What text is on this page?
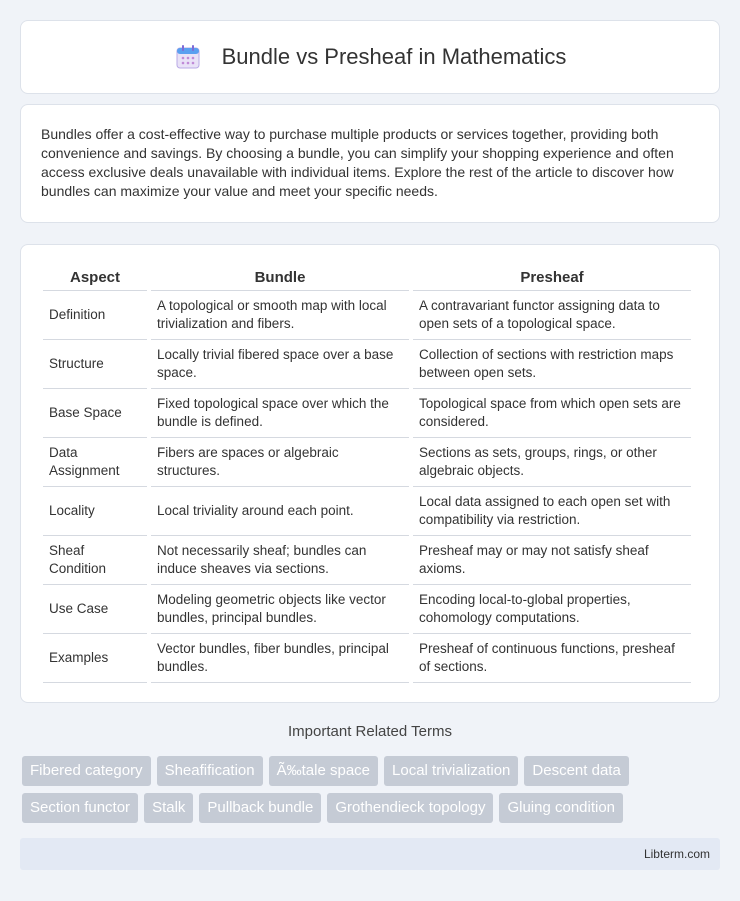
Bundle vs Presheaf in Mathematics

Bundles offer a cost-effective way to purchase multiple products or services together, providing both convenience and savings. By choosing a bundle, you can simplify your shopping experience and often access exclusive deals unavailable with individual items. Explore the rest of the article to discover how bundles can maximize your value and meet your specific needs.

Aspect	Bundle	Presheaf
Definition	A topological or smooth map with local trivialization and fibers.	A contravariant functor assigning data to open sets of a topological space.
Structure	Locally trivial fibered space over a base space.	Collection of sections with restriction maps between open sets.
Base Space	Fixed topological space over which the bundle is defined.	Topological space from which open sets are considered.
Data Assignment	Fibers are spaces or algebraic structures.	Sections as sets, groups, rings, or other algebraic objects.
Locality	Local triviality around each point.	Local data assigned to each open set with compatibility via restriction.
Sheaf Condition	Not necessarily sheaf; bundles can induce sheaves via sections.	Presheaf may or may not satisfy sheaf axioms.
Use Case	Modeling geometric objects like vector bundles, principal bundles.	Encoding local-to-global properties, cohomology computations.
Examples	Vector bundles, fiber bundles, principal bundles.	Presheaf of continuous functions, presheaf of sections.
Important Related Terms
Fibered category	Sheafification	Ã‰tale space	Local trivialization	Descent data
Section functor	Stalk	Pullback bundle	Grothendieck topology	Gluing condition
Libterm.com
